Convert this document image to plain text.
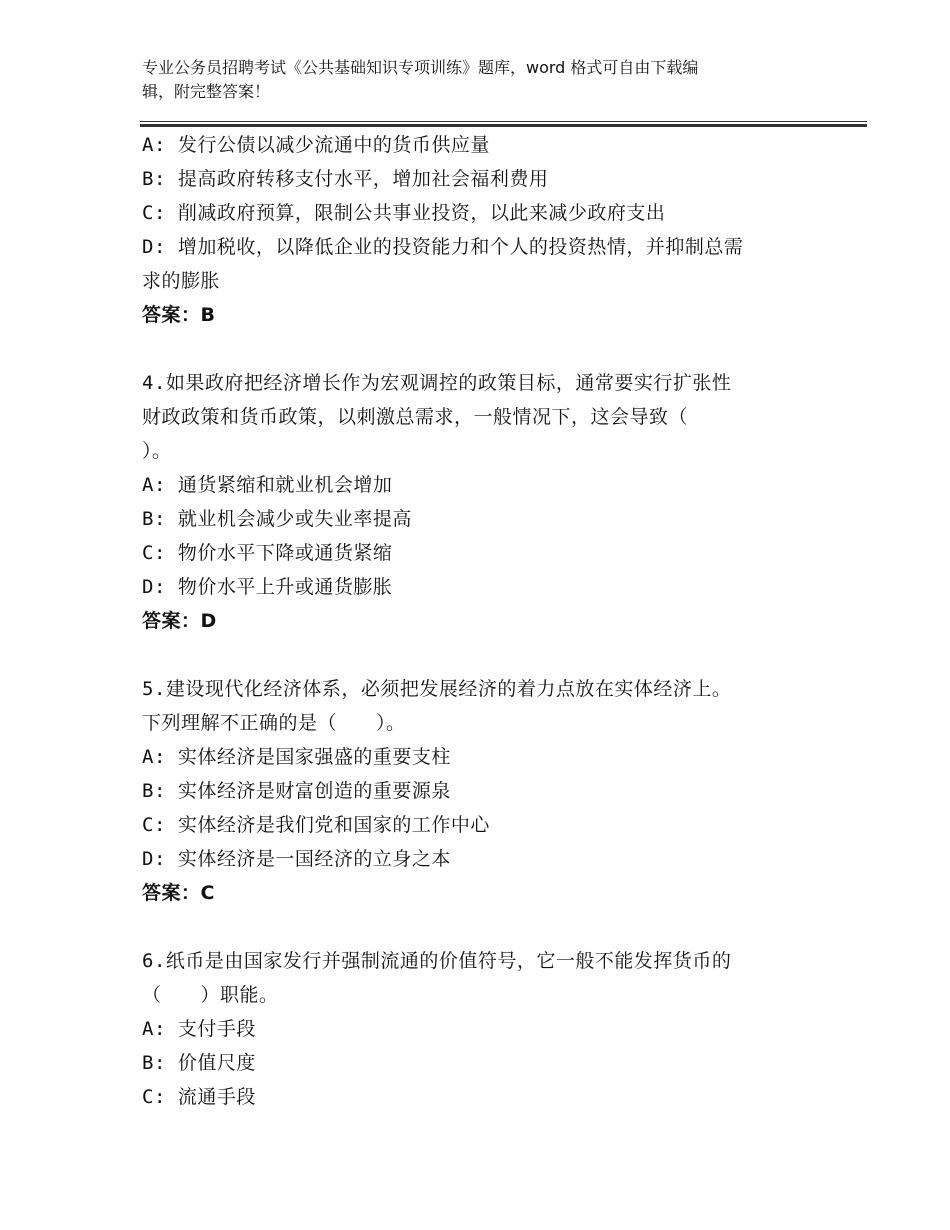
专业公务员招聘考试《公共基础知识专项训练》题库，word 格式可自由下载编
辑，附完整答案！
A: 发行公债以减少流通中的货币供应量
B: 提高政府转移支付水平，增加社会福利费用
C: 削减政府预算，限制公共事业投资，以此来减少政府支出
D: 增加税收，以降低企业的投资能力和个人的投资热情，并抑制总需
求的膨胀
答案：B
4.如果政府把经济增长作为宏观调控的政策目标，通常要实行扩张性
财政政策和货币政策，以刺激总需求，一般情况下，这会导致（
）。
A: 通货紧缩和就业机会增加
B: 就业机会减少或失业率提高
C: 物价水平下降或通货紧缩
D: 物价水平上升或通货膨胀
答案：D
5.建设现代化经济体系，必须把发展经济的着力点放在实体经济上。
下列理解不正确的是（　　）。
A: 实体经济是国家强盛的重要支柱
B: 实体经济是财富创造的重要源泉
C: 实体经济是我们党和国家的工作中心
D: 实体经济是一国经济的立身之本
答案：C
6.纸币是由国家发行并强制流通的价值符号，它一般不能发挥货币的
（　　）职能。
A: 支付手段
B: 价值尺度
C: 流通手段
